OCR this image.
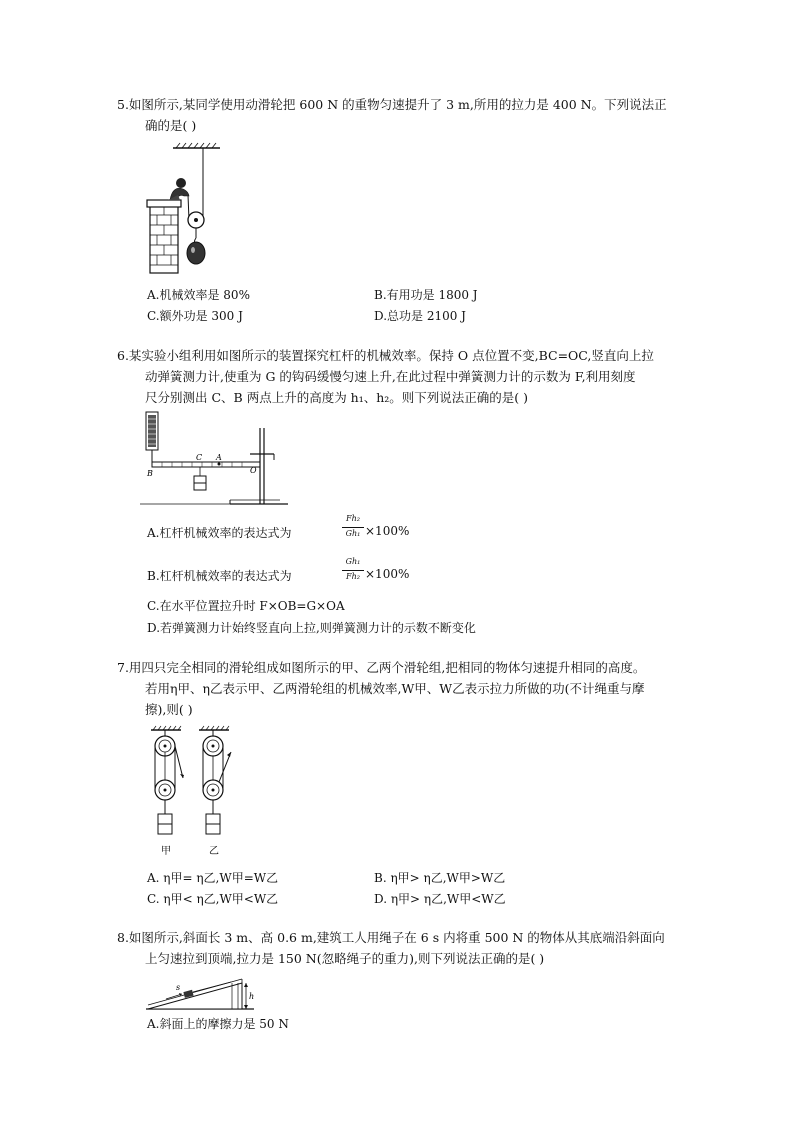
5.如图所示,某同学使用动滑轮把 600 N 的重物匀速提升了 3 m,所用的拉力是 400 N。下列说法正
确的是( )
A.机械效率是 80%	B.有用功是 1800 J
C.额外功是 300 J	D.总功是 2100 J
6.某实验小组利用如图所示的装置探究杠杆的机械效率。保持 O 点位置不变,BC=OC,竖直向上拉
动弹簧测力计,使重为 G 的钩码缓慢匀速上升,在此过程中弹簧测力计的示数为 F,利用刻度
尺分别测出 C、B 两点上升的高度为 h₁、h₂。则下列说法正确的是( )
B
C A
O
A.杠杆机械效率的表达式为
Fh₂
Gh₁ ×100%
B.杠杆机械效率的表达式为
Gh₁
Fh₂ ×100%
C.在水平位置拉升时 F×OB=G×OA
D.若弹簧测力计始终竖直向上拉,则弹簧测力计的示数不断变化
7.用四只完全相同的滑轮组成如图所示的甲、乙两个滑轮组,把相同的物体匀速提升相同的高度。
若用η甲、η乙表示甲、乙两滑轮组的机械效率,W甲、W乙表示拉力所做的功(不计绳重与摩
擦),则( )
甲	乙
A. η甲= η乙,W甲=W乙	B. η甲> η乙,W甲>W乙
C. η甲< η乙,W甲<W乙	D. η甲> η乙,W甲<W乙
8.如图所示,斜面长 3 m、高 0.6 m,建筑工人用绳子在 6 s 内将重 500 N 的物体从其底端沿斜面向
上匀速拉到顶端,拉力是 150 N(忽略绳子的重力),则下列说法正确的是( )
s
h
A.斜面上的摩擦力是 50 N
